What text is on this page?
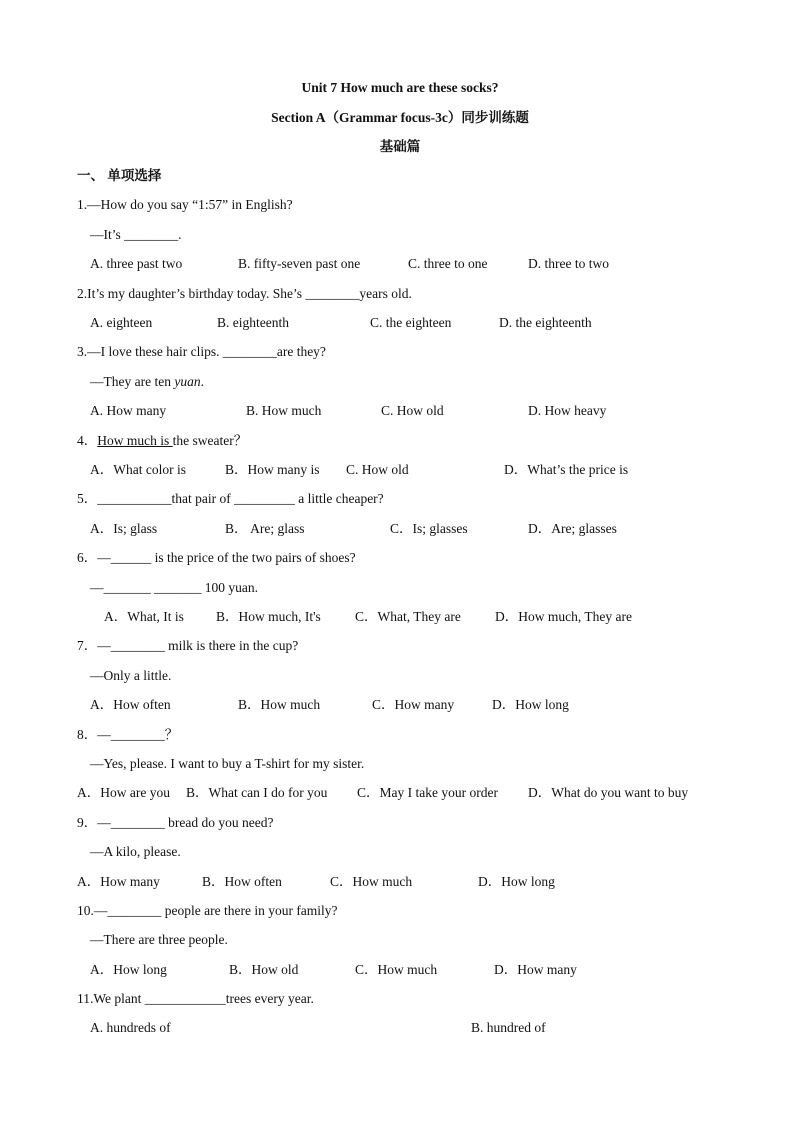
Unit 7 How much are these socks?
Section A（Grammar focus-3c）同步训练题
基础篇
一、 单项选择
1.—How do you say “1:57” in English?
—It’s ________.
A. three past two	B. fifty-seven past one	C. three to one	D. three to two
2.It’s my daughter’s birthday today. She’s ________years old.
A. eighteen	B. eighteenth	C. the eighteen	D. the eighteenth
3.—I love these hair clips. ________are they?
—They are ten yuan.
A. How many	B. How much	C. How old	D. How heavy
4．How much is the sweater？
A．What color is	B．How many is C. How old	D．What’s the price is
5．___________that pair of _________ a little cheaper?
A．Is; glass	B． Are; glass	C．Is; glasses	D．Are; glasses
6．—______ is the price of the two pairs of shoes?
—_______ _______ 100 yuan.
A．What, It is B．How much, It's	C．What, They are	D．How much, They are
7．—________ milk is there in the cup?
—Only a little.
A．How often	B．How much	C．How many	D．How long
8．—________？
—Yes, please. I want to buy a T-shirt for my sister.
A．How are you B．What can I do for you C．May I take your order D．What do you want to buy
9．—________ bread do you need?
—A kilo, please.
A．How many	B．How often	C．How much	D．How long
10.—________ people are there in your family?
—There are three people.
A．How long	B．How old	C．How much	D．How many
11.We plant ____________trees every year.
A. hundreds of	B. hundred of
